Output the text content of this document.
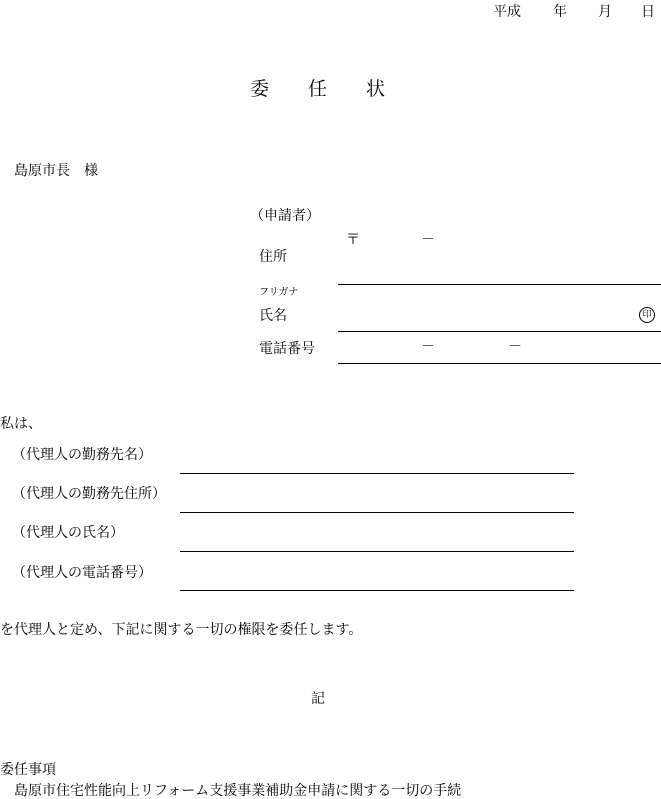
平成 年 月 日
委 任 状
島原市長　様
（申請者）
〒	－
住所
フリガナ
氏名	印
電話番号	－	－
私は、
（代理人の勤務先名）
（代理人の勤務先住所）
（代理人の氏名）
（代理人の電話番号）
を代理人と定め、下記に関する一切の権限を委任します。
記
委任事項
島原市住宅性能向上リフォーム支援事業補助金申請に関する一切の手続
